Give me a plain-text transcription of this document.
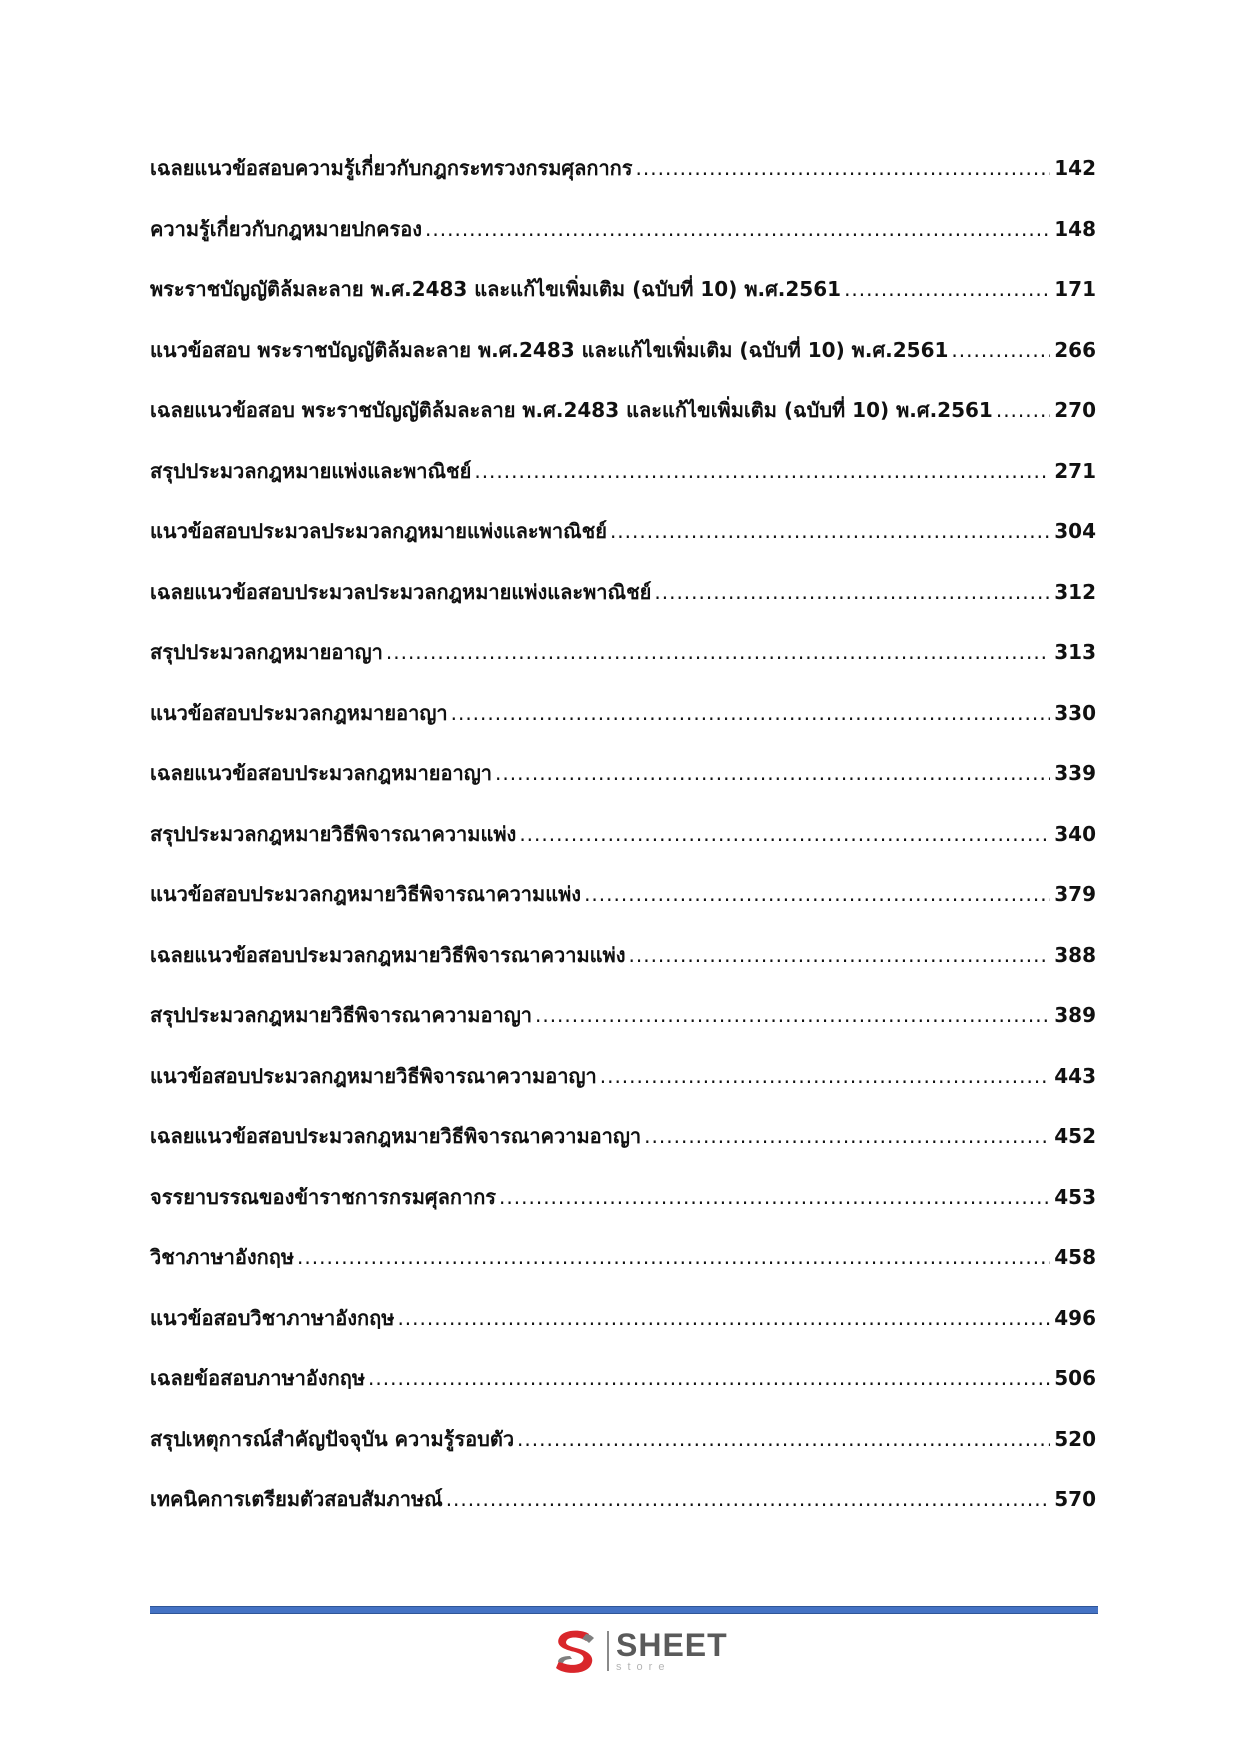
เฉลยแนวข้อสอบความรู้เกี่ยวกับกฎกระทรวงกรมศุลกากร .....	142
ความรู้เกี่ยวกับกฎหมายปกครอง .....	148
พระราชบัญญัติล้มละลาย พ.ศ.2483 และแก้ไขเพิ่มเติม (ฉบับที่ 10) พ.ศ.2561 .....	171
แนวข้อสอบ พระราชบัญญัติล้มละลาย พ.ศ.2483 และแก้ไขเพิ่มเติม (ฉบับที่ 10) พ.ศ.2561 .....	266
เฉลยแนวข้อสอบ พระราชบัญญัติล้มละลาย พ.ศ.2483 และแก้ไขเพิ่มเติม (ฉบับที่ 10) พ.ศ.2561 .....	270
สรุปประมวลกฎหมายแพ่งและพาณิชย์ .....	271
แนวข้อสอบประมวลประมวลกฎหมายแพ่งและพาณิชย์ .....	304
เฉลยแนวข้อสอบประมวลประมวลกฎหมายแพ่งและพาณิชย์ .....	312
สรุปประมวลกฎหมายอาญา .....	313
แนวข้อสอบประมวลกฎหมายอาญา .....	330
เฉลยแนวข้อสอบประมวลกฎหมายอาญา .....	339
สรุปประมวลกฎหมายวิธีพิจารณาความแพ่ง .....	340
แนวข้อสอบประมวลกฎหมายวิธีพิจารณาความแพ่ง .....	379
เฉลยแนวข้อสอบประมวลกฎหมายวิธีพิจารณาความแพ่ง .....	388
สรุปประมวลกฎหมายวิธีพิจารณาความอาญา .....	389
แนวข้อสอบประมวลกฎหมายวิธีพิจารณาความอาญา .....	443
เฉลยแนวข้อสอบประมวลกฎหมายวิธีพิจารณาความอาญา .....	452
จรรยาบรรณของข้าราชการกรมศุลกากร .....	453
วิชาภาษาอังกฤษ .....	458
แนวข้อสอบวิชาภาษาอังกฤษ .....	496
เฉลยข้อสอบภาษาอังกฤษ .....	506
สรุปเหตุการณ์สำคัญปัจจุบัน ความรู้รอบตัว .....	520
เทคนิคการเตรียมตัวสอบสัมภาษณ์ .....	570
SHEET
store
